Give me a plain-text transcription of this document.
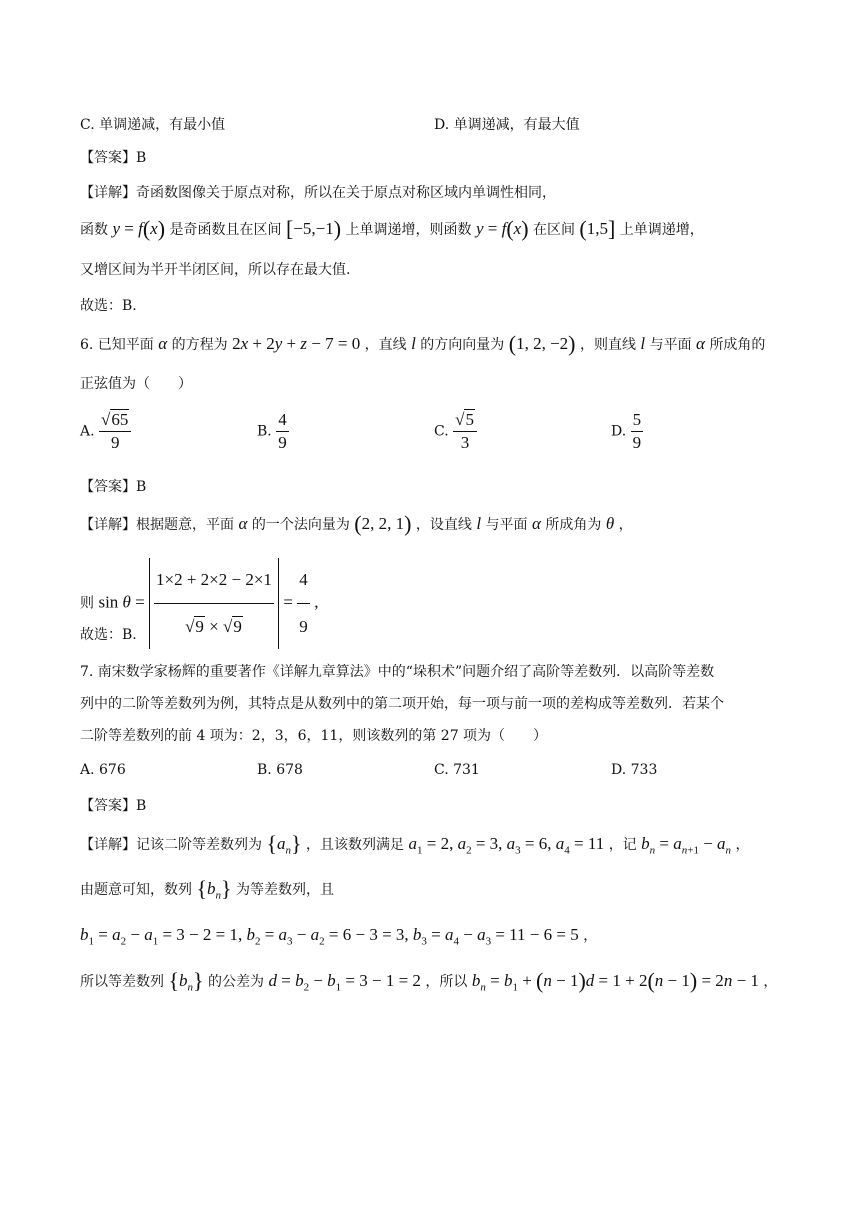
C. 单调递减，有最小值	D. 单调递减，有最大值
【答案】B
【详解】奇函数图像关于原点对称，所以在关于原点对称区域内单调性相同，
函数 y = f(x) 是奇函数且在区间 [−5,−1) 上单调递增，则函数 y = f(x) 在区间 (1,5] 上单调递增，
又增区间为半开半闭区间，所以存在最大值.
故选：B.
6. 已知平面 α 的方程为 2x + 2y + z − 7 = 0 ，直线 l 的方向向量为 (1, 2, −2) ，则直线 l 与平面 α 所成角的
正弦值为（　　）
A. $\frac{√65}{9}$	B. $\frac{4}{9}$	C. $\frac{√5}{3}$	D. $\frac{5}{9}$
【答案】B
【详解】根据题意，平面 α 的一个法向量为 (2, 2, 1) ，设直线 l 与平面 α 所成角为 θ ，
则 $\sin \theta = \frac{1\times 2 + 2\times 2 - 2\times 1}{√9 \times √9} = \frac{4}{9}$ ,
故选：B.
7. 南宋数学家杨辉的重要著作《详解九章算法》中的“垛积术”问题介绍了高阶等差数列．以高阶等差数
列中的二阶等差数列为例，其特点是从数列中的第二项开始，每一项与前一项的差构成等差数列．若某个
二阶等差数列的前 4 项为：2，3，6，11，则该数列的第 27 项为（　　）
A. 676	B. 678	C. 731	D. 733
【答案】B
【详解】记该二阶等差数列为 $\{a_n\}$ ，且该数列满足 $a_1 = 2$, $a_2 = 3$, $a_3 = 6$, $a_4 = 11$ ，记 $b_n = a_{n+1} - a_n$ ，
由题意可知，数列 $\{b_n\}$ 为等差数列，且
$b_1 = a_2 - a_1 = 3 - 2 = 1$, $b_2 = a_3 - a_2 = 6 - 3 = 3$, $b_3 = a_4 - a_3 = 11 - 6 = 5$ ，
所以等差数列 $\{b_n\}$ 的公差为 $d = b_2 - b_1 = 3 - 1 = 2$ ，所以 $b_n = b_1 + (n - 1)d = 1 + 2(n - 1) = 2n - 1$ ，
